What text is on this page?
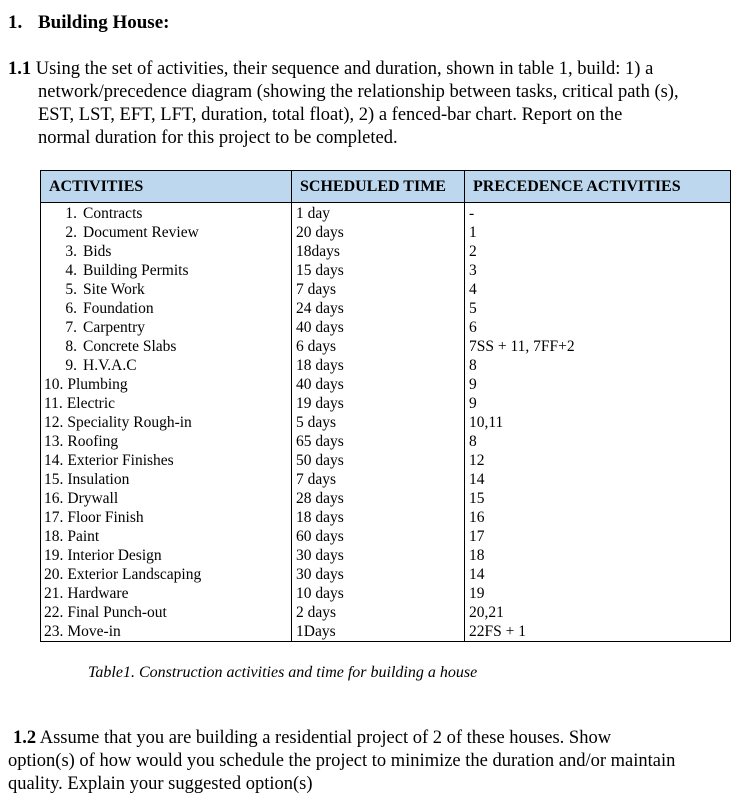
1. Building House:
1.1 Using the set of activities, their sequence and duration, shown in table 1, build: 1) a
network/precedence diagram (showing the relationship between tasks, critical path (s),
EST, LST, EFT, LFT, duration, total float), 2) a fenced-bar chart. Report on the
normal duration for this project to be completed.
ACTIVITIES	SCHEDULED TIME	PRECEDENCE ACTIVITIES
1. Contracts	1 day	-
2. Document Review	20 days	1
3. Bids	18days	2
4. Building Permits	15 days	3
5. Site Work	7 days	4
6. Foundation	24 days	5
7. Carpentry	40 days	6
8. Concrete Slabs	6 days	7SS + 11, 7FF+2
9. H.V.A.C	18 days	8
10. Plumbing	40 days	9
11. Electric	19 days	9
12. Speciality Rough-in	5 days	10,11
13. Roofing	65 days	8
14. Exterior Finishes	50 days	12
15. Insulation	7 days	14
16. Drywall	28 days	15
17. Floor Finish	18 days	16
18. Paint	60 days	17
19. Interior Design	30 days	18
20. Exterior Landscaping	30 days	14
21. Hardware	10 days	19
22. Final Punch-out	2 days	20,21
23. Move-in	1Days	22FS + 1
Table1. Construction activities and time for building a house
1.2 Assume that you are building a residential project of 2 of these houses. Show
option(s) of how would you schedule the project to minimize the duration and/or maintain
quality. Explain your suggested option(s)
